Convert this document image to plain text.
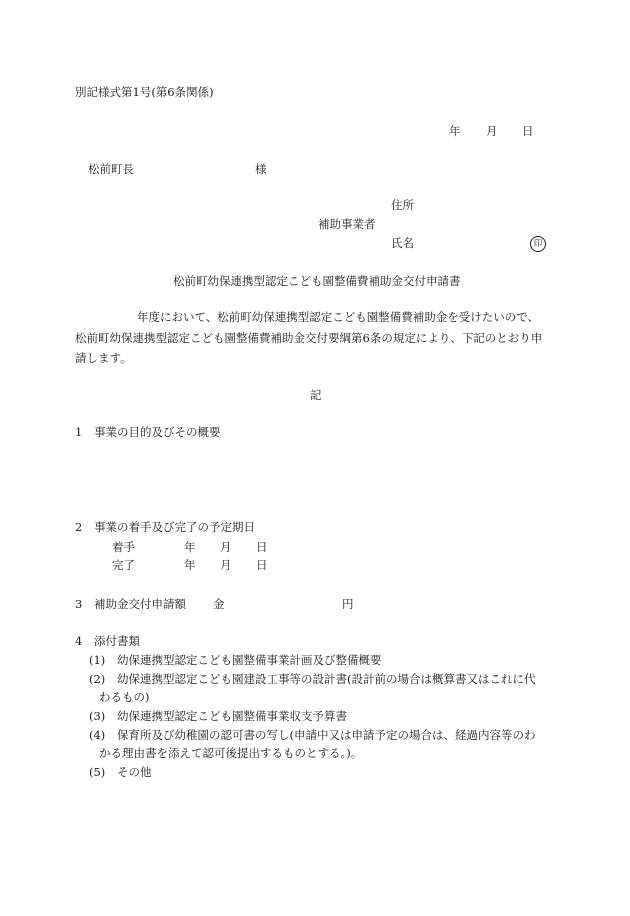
別記様式第1号(第6条関係)
年 月 日
松前町長	様
住所
補助事業者
氏名	印
松前町幼保連携型認定こども園整備費補助金交付申請書
年度において、松前町幼保連携型認定こども園整備費補助金を受けたいので、
松前町幼保連携型認定こども園整備費補助金交付要綱第6条の規定により、下記のとおり申
請します。
記
1 事業の目的及びその概要
2 事業の着手及び完了の予定期日
着手	年 月 日
完了	年 月 日
3 補助金交付申請額 金	円
4 添付書類
(1) 幼保連携型認定こども園整備事業計画及び整備概要
(2) 幼保連携型認定こども園建設工事等の設計書(設計前の場合は概算書又はこれに代
わるもの)
(3) 幼保連携型認定こども園整備事業収支予算書
(4) 保育所及び幼稚園の認可書の写し(申請中又は申請予定の場合は、経過内容等のわ
かる理由書を添えて認可後提出するものとする。)。
(5) その他
